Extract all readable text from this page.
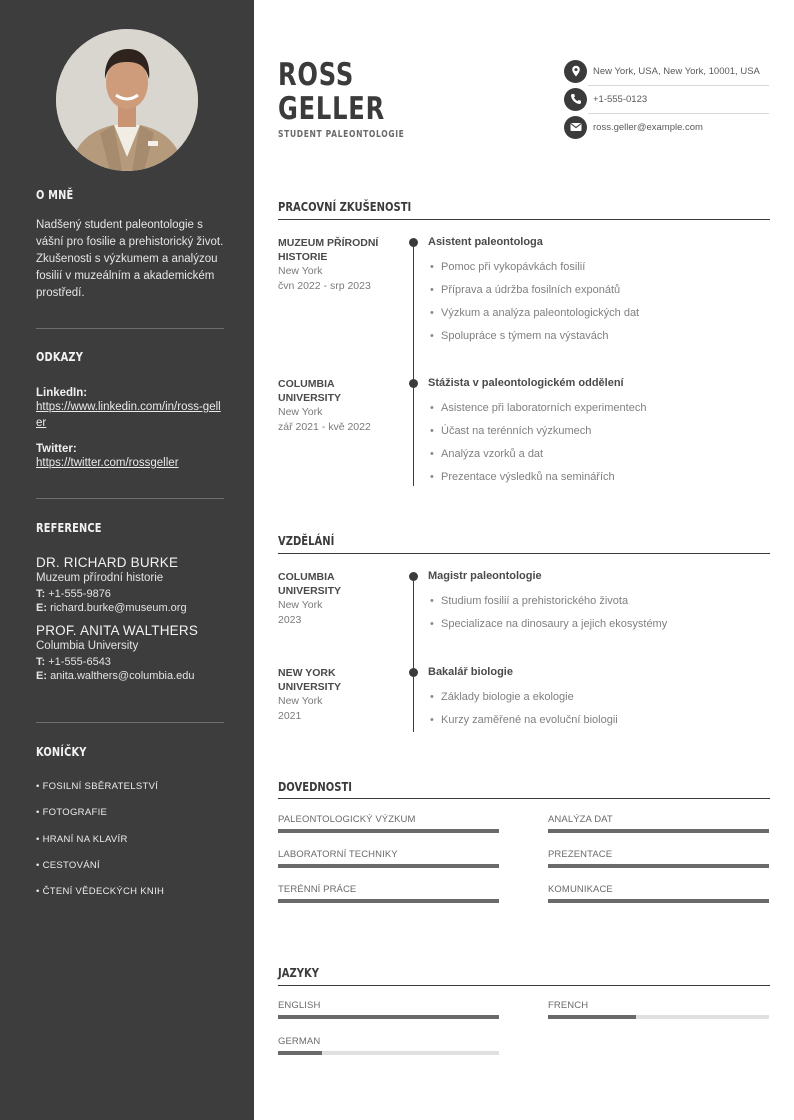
O MNĚ

Nadšený student paleontologie s vášní pro fosilie a prehistorický život. Zkušenosti s výzkumem a analýzou fosilií v muzeálním a akademickém prostředí.

ODKAZY
LinkedIn:
https://www.linkedin.com/in/ross-geller
Twitter:
https://twitter.com/rossgeller
REFERENCE
DR. RICHARD BURKE
Muzeum přírodní historie
T: +1-555-9876
E: richard.burke@museum.org
PROF. ANITA WALTHERS
Columbia University
T: +1-555-6543
E: anita.walthers@columbia.edu
KONÍČKY
• FOSILNÍ SBĚRATELSTVÍ
• FOTOGRAFIE
• HRANÍ NA KLAVÍR
• CESTOVÁNÍ
• ČTENÍ VĚDECKÝCH KNIH
ROSS
GELLER
STUDENT PALEONTOLOGIE
New York, USA, New York, 10001, USA
+1-555-0123
ross.geller@example.com
PRACOVNÍ ZKUŠENOSTI
MUZEUM PŘÍRODNÍ HISTORIE
New York
čvn 2022 - srp 2023
Asistent paleontologa
• Pomoc při vykopávkách fosilií
• Příprava a údržba fosilních exponátů
• Výzkum a analýza paleontologických dat
• Spolupráce s týmem na výstavách
COLUMBIA UNIVERSITY
New York
zář 2021 - kvě 2022
Stážista v paleontologickém oddělení
• Asistence při laboratorních experimentech
• Účast na terénních výzkumech
• Analýza vzorků a dat
• Prezentace výsledků na seminářích
VZDĚLÁNÍ
COLUMBIA UNIVERSITY
New York
2023
Magistr paleontologie
• Studium fosilií a prehistorického života
• Specializace na dinosaury a jejich ekosystémy
NEW YORK UNIVERSITY
New York
2021
Bakalář biologie
• Základy biologie a ekologie
• Kurzy zaměřené na evoluční biologii
DOVEDNOSTI
PALEONTOLOGICKÝ VÝZKUM	ANALÝZA DAT
LABORATORNÍ TECHNIKY	PREZENTACE
TERÉNNÍ PRÁCE	KOMUNIKACE
JAZYKY
ENGLISH	FRENCH
GERMAN
